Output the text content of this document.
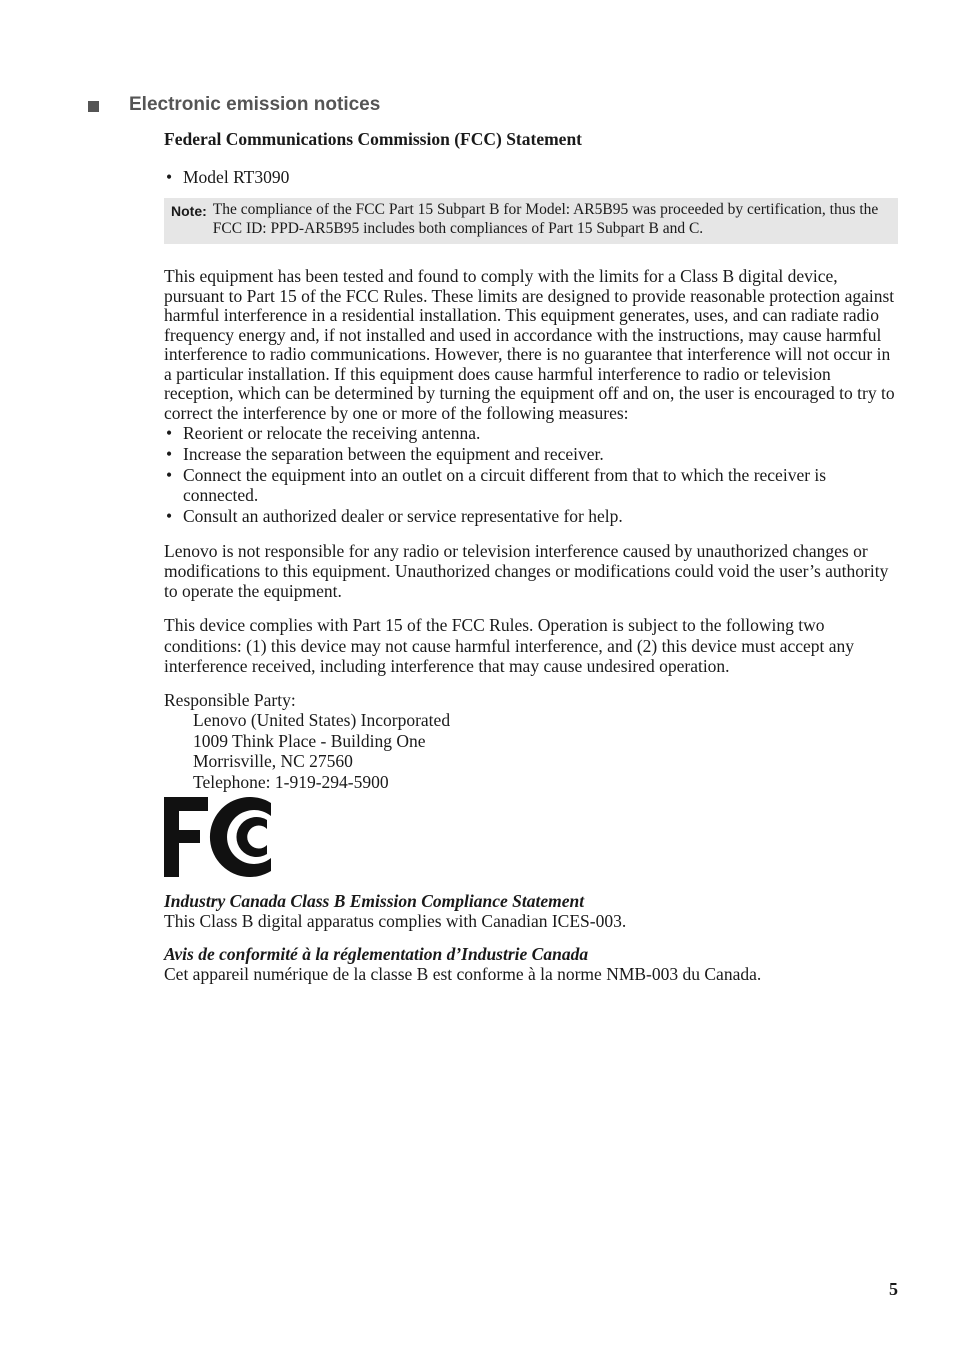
Electronic emission notices

Federal Communications Commission (FCC) Statement

• Model RT3090
Note: The compliance of the FCC Part 15 Subpart B for Model: AR5B95 was proceeded by certification, thus the FCC ID: PPD-AR5B95 includes both compliances of Part 15 Subpart B and C.

This equipment has been tested and found to comply with the limits for a Class B digital device, pursuant to Part 15 of the FCC Rules. These limits are designed to provide reasonable protection against harmful interference in a residential installation. This equipment generates, uses, and can radiate radio frequency energy and, if not installed and used in accordance with the instructions, may cause harmful interference to radio communications. However, there is no guarantee that interference will not occur in a particular installation. If this equipment does cause harmful interference to radio or television reception, which can be determined by turning the equipment off and on, the user is encouraged to try to correct the interference by one or more of the following measures:

• Reorient or relocate the receiving antenna.
• Increase the separation between the equipment and receiver.
• Connect the equipment into an outlet on a circuit different from that to which the receiver is connected.
• Consult an authorized dealer or service representative for help.

Lenovo is not responsible for any radio or television interference caused by unauthorized changes or modifications to this equipment. Unauthorized changes or modifications could void the user’s authority to operate the equipment.

This device complies with Part 15 of the FCC Rules. Operation is subject to the following two conditions: (1) this device may not cause harmful interference, and (2) this device must accept any interference received, including interference that may cause undesired operation.

Responsible Party:
Lenovo (United States) Incorporated
1009 Think Place - Building One
Morrisville, NC 27560
Telephone: 1-919-294-5900
Industry Canada Class B Emission Compliance Statement

This Class B digital apparatus complies with Canadian ICES-003.

Avis de conformité à la réglementation d’Industrie Canada

Cet appareil numérique de la classe B est conforme à la norme NMB-003 du Canada.

5
